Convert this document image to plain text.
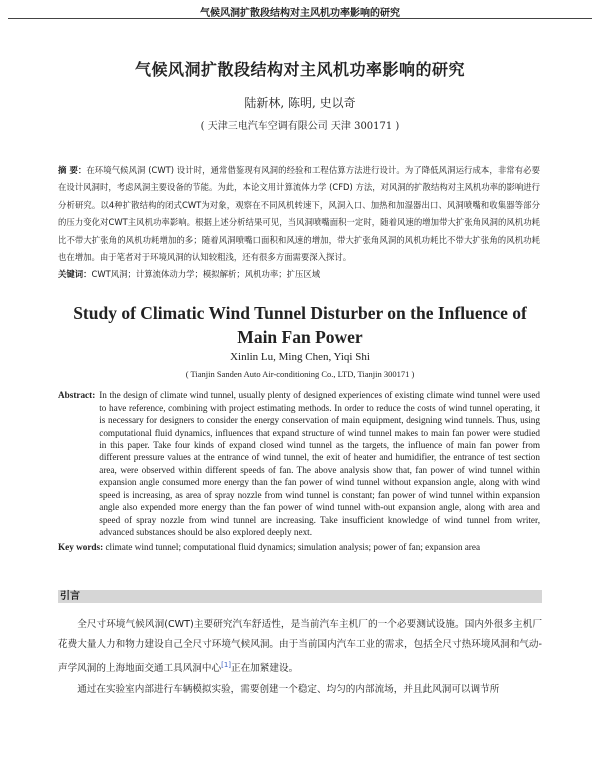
气候风洞扩散段结构对主风机功率影响的研究
气候风洞扩散段结构对主风机功率影响的研究
陆新林, 陈明, 史以奇
( 天津三电汽车空调有限公司 天津 300171 )
摘 要：在环境气候风洞 (CWT) 设计时，通常借鉴现有风洞的经验和工程估算方法进行设计。为了降低风洞运行成本，非常有必要在设计风洞时，考虑风洞主要设备的节能。为此，本论文用计算流体力学 (CFD) 方法，对风洞的扩散结构对主风机功率的影响进行分析研究。以4种扩散结构的闭式CWT为对象，观察在不同风机转速下，风洞入口、加热和加湿器出口、风洞喷嘴和收集器等部分的压力变化对CWT主风机功率影响。根据上述分析结果可见，当风洞喷嘴面积一定时，随着风速的增加带大扩张角风洞的风机功耗比不带大扩张角的风机功耗增加的多；随着风洞喷嘴口面积和风速的增加，带大扩张角风洞的风机功耗比不带大扩张角的风机功耗也在增加。由于笔者对于环境风洞的认知较粗浅，还有很多方面需要深入探讨。
关键词：CWT风洞；计算流体动力学；模拟解析；风机功率；扩压区域
Study of Climatic Wind Tunnel Disturber on the Influence of Main Fan Power
Xinlin Lu, Ming Chen, Yiqi Shi
( Tianjin Sanden Auto Air-conditioning Co., LTD, Tianjin 300171 )
Abstract: In the design of climate wind tunnel, usually plenty of designed experiences of existing climate wind tunnel were used to have reference, combining with project estimating methods. In order to reduce the costs of wind tunnel operating, it is necessary for designers to consider the energy conservation of main equipment, designing wind tunnels. Thus, using computational fluid dynamics, influences that expand structure of wind tunnel makes to main fan power were studied in this paper. Take four kinds of expand closed wind tunnel as the targets, the influence of main fan power from different pressure values at the entrance of wind tunnel, the exit of heater and humidifier, the entrance of test section area, were observed within different speeds of fan. The above analysis show that, fan power of wind tunnel within expansion angle consumed more energy than the fan power of wind tunnel without expansion angle, along with wind speed is increasing, as area of spray nozzle from wind tunnel is constant; fan power of wind tunnel within expansion angle also expended more energy than the fan power of wind tunnel with-out expansion angle, along with area and speed of spray nozzle from wind tunnel are increasing. Take insufficient knowledge of wind tunnel from writer, advanced substances should be also explored deeply next.
Key words: climate wind tunnel; computational fluid dynamics; simulation analysis; power of fan; expansion area
引言

全尺寸环境气候风洞(CWT)主要研究汽车舒适性，是当前汽车主机厂的一个必要测试设施。国内外很多主机厂花费大量人力和物力建设自己全尺寸环境气候风洞。由于当前国内汽车工业的需求，包括全尺寸热环境风洞和气动-声学风洞的上海地面交通工具风洞中心[1]正在加紧建设。

通过在实验室内部进行车辆模拟实验，需要创建一个稳定、均匀的内部流场，并且此风洞可以调节所
